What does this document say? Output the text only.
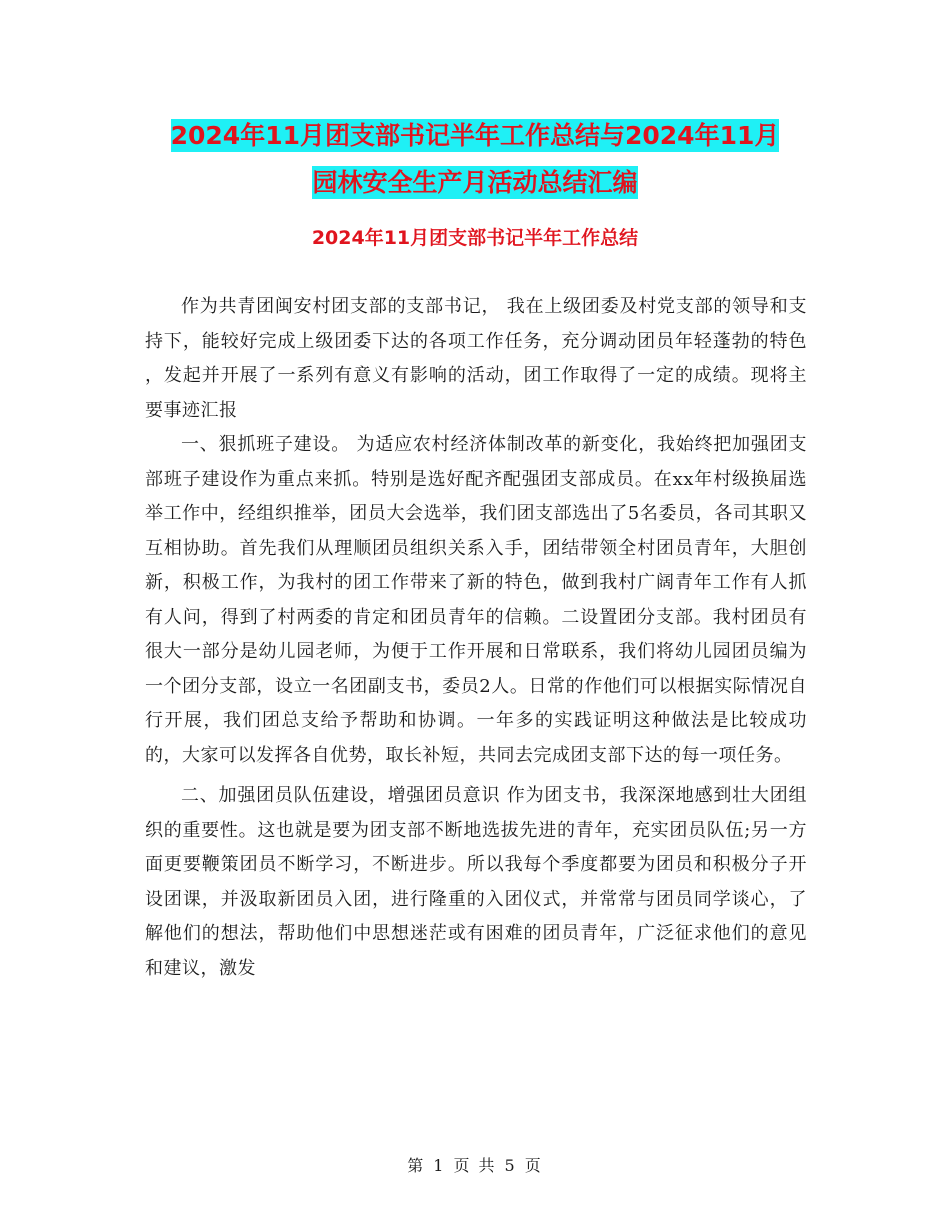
2024年11月团支部书记半年工作总结与2024年11月
园林安全生产月活动总结汇编
2024年11月团支部书记半年工作总结

作为共青团闽安村团支部的支部书记， 我在上级团委及村党支部的领导和支持下，能较好完成上级团委下达的各项工作任务，充分调动团员年轻蓬勃的特色 ，发起并开展了一系列有意义有影响的活动，团工作取得了一定的成绩。现将主要事迹汇报

一、狠抓班子建设。 为适应农村经济体制改革的新变化，我始终把加强团支部班子建设作为重点来抓。特别是选好配齐配强团支部成员。在xx年村级换届选举工作中，经组织推举，团员大会选举，我们团支部选出了5名委员，各司其职又互相协助。首先我们从理顺团员组织关系入手，团结带领全村团员青年，大胆创新，积极工作，为我村的团工作带来了新的特色，做到我村广阔青年工作有人抓有人问，得到了村两委的肯定和团员青年的信赖。二设置团分支部。我村团员有很大一部分是幼儿园老师，为便于工作开展和日常联系，我们将幼儿园团员编为一个团分支部，设立一名团副支书，委员2人。日常的作他们可以根据实际情况自行开展，我们团总支给予帮助和协调。一年多的实践证明这种做法是比较成功的，大家可以发挥各自优势，取长补短，共同去完成团支部下达的每一项任务。

二、加强团员队伍建设，增强团员意识 作为团支书，我深深地感到壮大团组织的重要性。这也就是要为团支部不断地选拔先进的青年，充实团员队伍;另一方面更要鞭策团员不断学习，不断进步。所以我每个季度都要为团员和积极分子开设团课，并汲取新团员入团，进行隆重的入团仪式，并常常与团员同学谈心，了解他们的想法，帮助他们中思想迷茫或有困难的团员青年，广泛征求他们的意见和建议，激发

第 1 页 共 5 页
